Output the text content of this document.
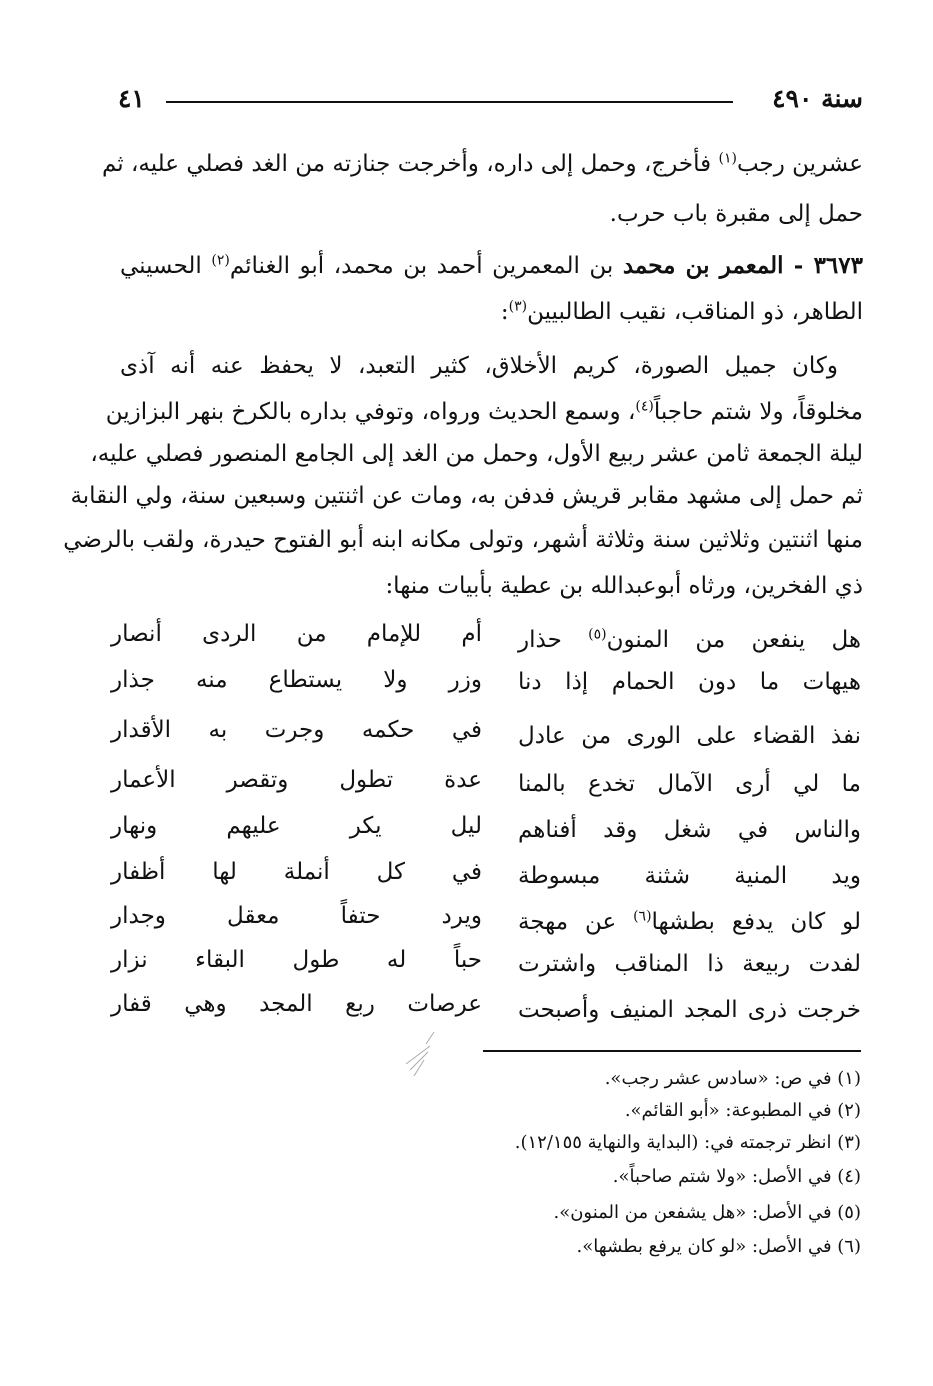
سنة ٤٩٠
٤١
عشرين رجب$^{(١)}$ فأخرج، وحمل إلى داره، وأخرجت جنازته من الغد فصلي عليه، ثم
حمل إلى مقبرة باب حرب.
٣٦٧٣ - المعمر بن محمد بن المعمرين أحمد بن محمد، أبو الغنائم$^{(٢)}$ الحسيني
الطاهر، ذو المناقب، نقيب الطالبيين$^{(٣)}$:
وكان جميل الصورة، كريم الأخلاق، كثير التعبد، لا يحفظ عنه أنه آذى
مخلوقاً، ولا شتم حاجباً$^{(٤)}$، وسمع الحديث ورواه، وتوفي بداره بالكرخ بنهر البزازين
ليلة الجمعة ثامن عشر ربيع الأول، وحمل من الغد إلى الجامع المنصور فصلي عليه،
ثم حمل إلى مشهد مقابر قريش فدفن به، ومات عن اثنتين وسبعين سنة، ولي النقابة
منها اثنتين وثلاثين سنة وثلاثة أشهر، وتولى مكانه ابنه أبو الفتوح حيدرة، ولقب بالرضي
ذي الفخرين، ورثاه أبوعبدالله بن عطية بأبيات منها:
هل ينفعن من المنون$^{(٥)}$ حذار
أم للإمام من الردى أنصار
هيهات ما دون الحمام إذا دنا
وزر ولا يستطاع منه جذار
نفذ القضاء على الورى من عادل
في حكمه وجرت به الأقدار
ما لي أرى الآمال تخدع بالمنا
عدة تطول وتقصر الأعمار
والناس في شغل وقد أفناهم
ليل يكر عليهم ونهار
ويد المنية شثنة مبسوطة
في كل أنملة لها أظفار
لو كان يدفع بطشها$^{(٦)}$ عن مهجة
ويرد حتفاً معقل وجدار
لفدت ربيعة ذا المناقب واشترت
حباً له طول البقاء نزار
خرجت ذرى المجد المنيف وأصبحت
عرصات ربع المجد وهي قفار
(١) في ص: «سادس عشر رجب».
(٢) في المطبوعة: «أبو القائم».
(٣) انظر ترجمته في: (البداية والنهاية ١٢/١٥٥).
(٤) في الأصل: «ولا شتم صاحباً».
(٥) في الأصل: «هل يشفعن من المنون».
(٦) في الأصل: «لو كان يرفع بطشها».
